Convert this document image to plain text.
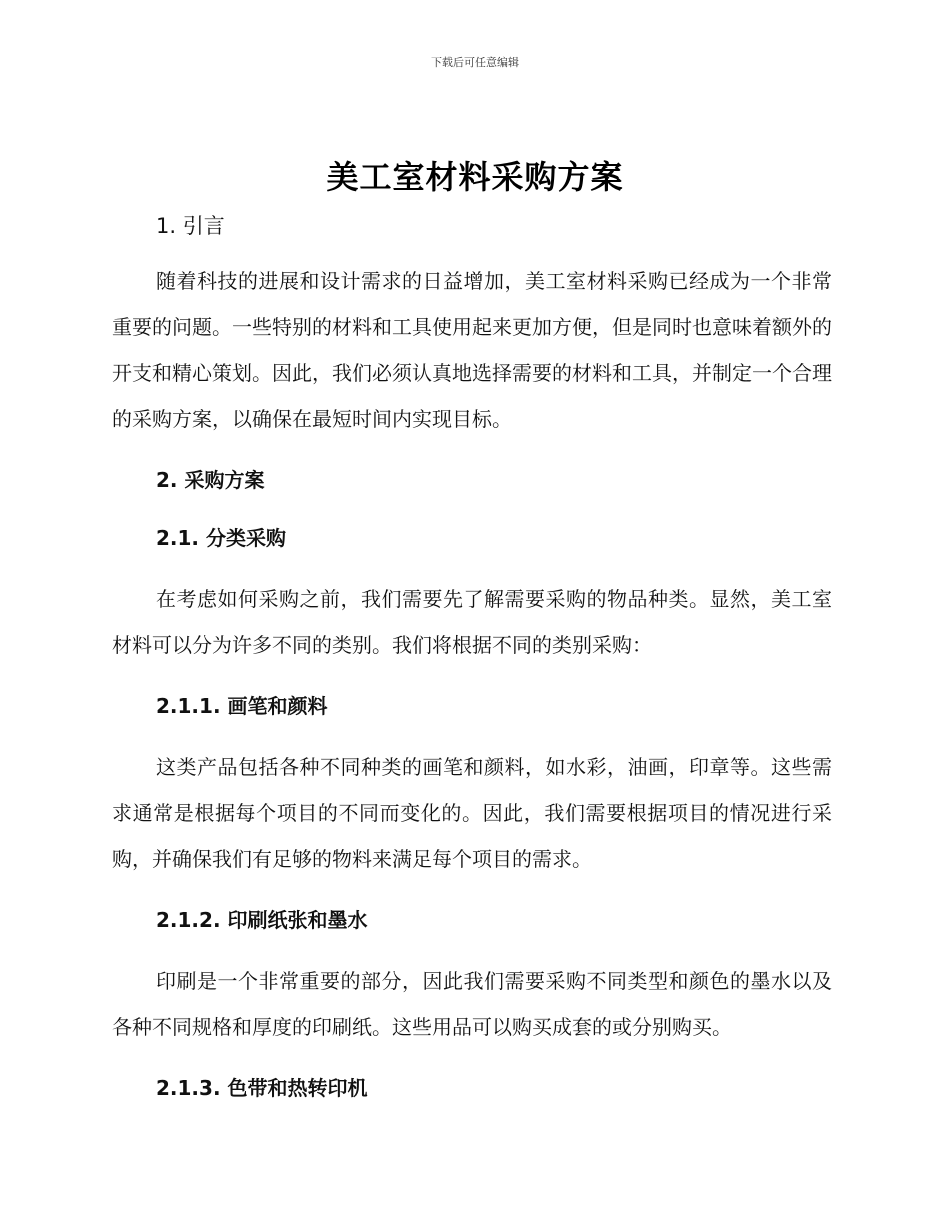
下载后可任意编辑
美工室材料采购方案
1. 引言

随着科技的进展和设计需求的日益增加，美工室材料采购已经成为一个非常重要的问题。一些特别的材料和工具使用起来更加方便，但是同时也意味着额外的开支和精心策划。因此，我们必须认真地选择需要的材料和工具，并制定一个合理的采购方案，以确保在最短时间内实现目标。

2. 采购方案
2.1. 分类采购

在考虑如何采购之前，我们需要先了解需要采购的物品种类。显然，美工室材料可以分为许多不同的类别。我们将根据不同的类别采购：

2.1.1. 画笔和颜料

这类产品包括各种不同种类的画笔和颜料，如水彩，油画，印章等。这些需求通常是根据每个项目的不同而变化的。因此，我们需要根据项目的情况进行采购，并确保我们有足够的物料来满足每个项目的需求。

2.1.2. 印刷纸张和墨水

印刷是一个非常重要的部分，因此我们需要采购不同类型和颜色的墨水以及各种不同规格和厚度的印刷纸。这些用品可以购买成套的或分别购买。

2.1.3. 色带和热转印机
